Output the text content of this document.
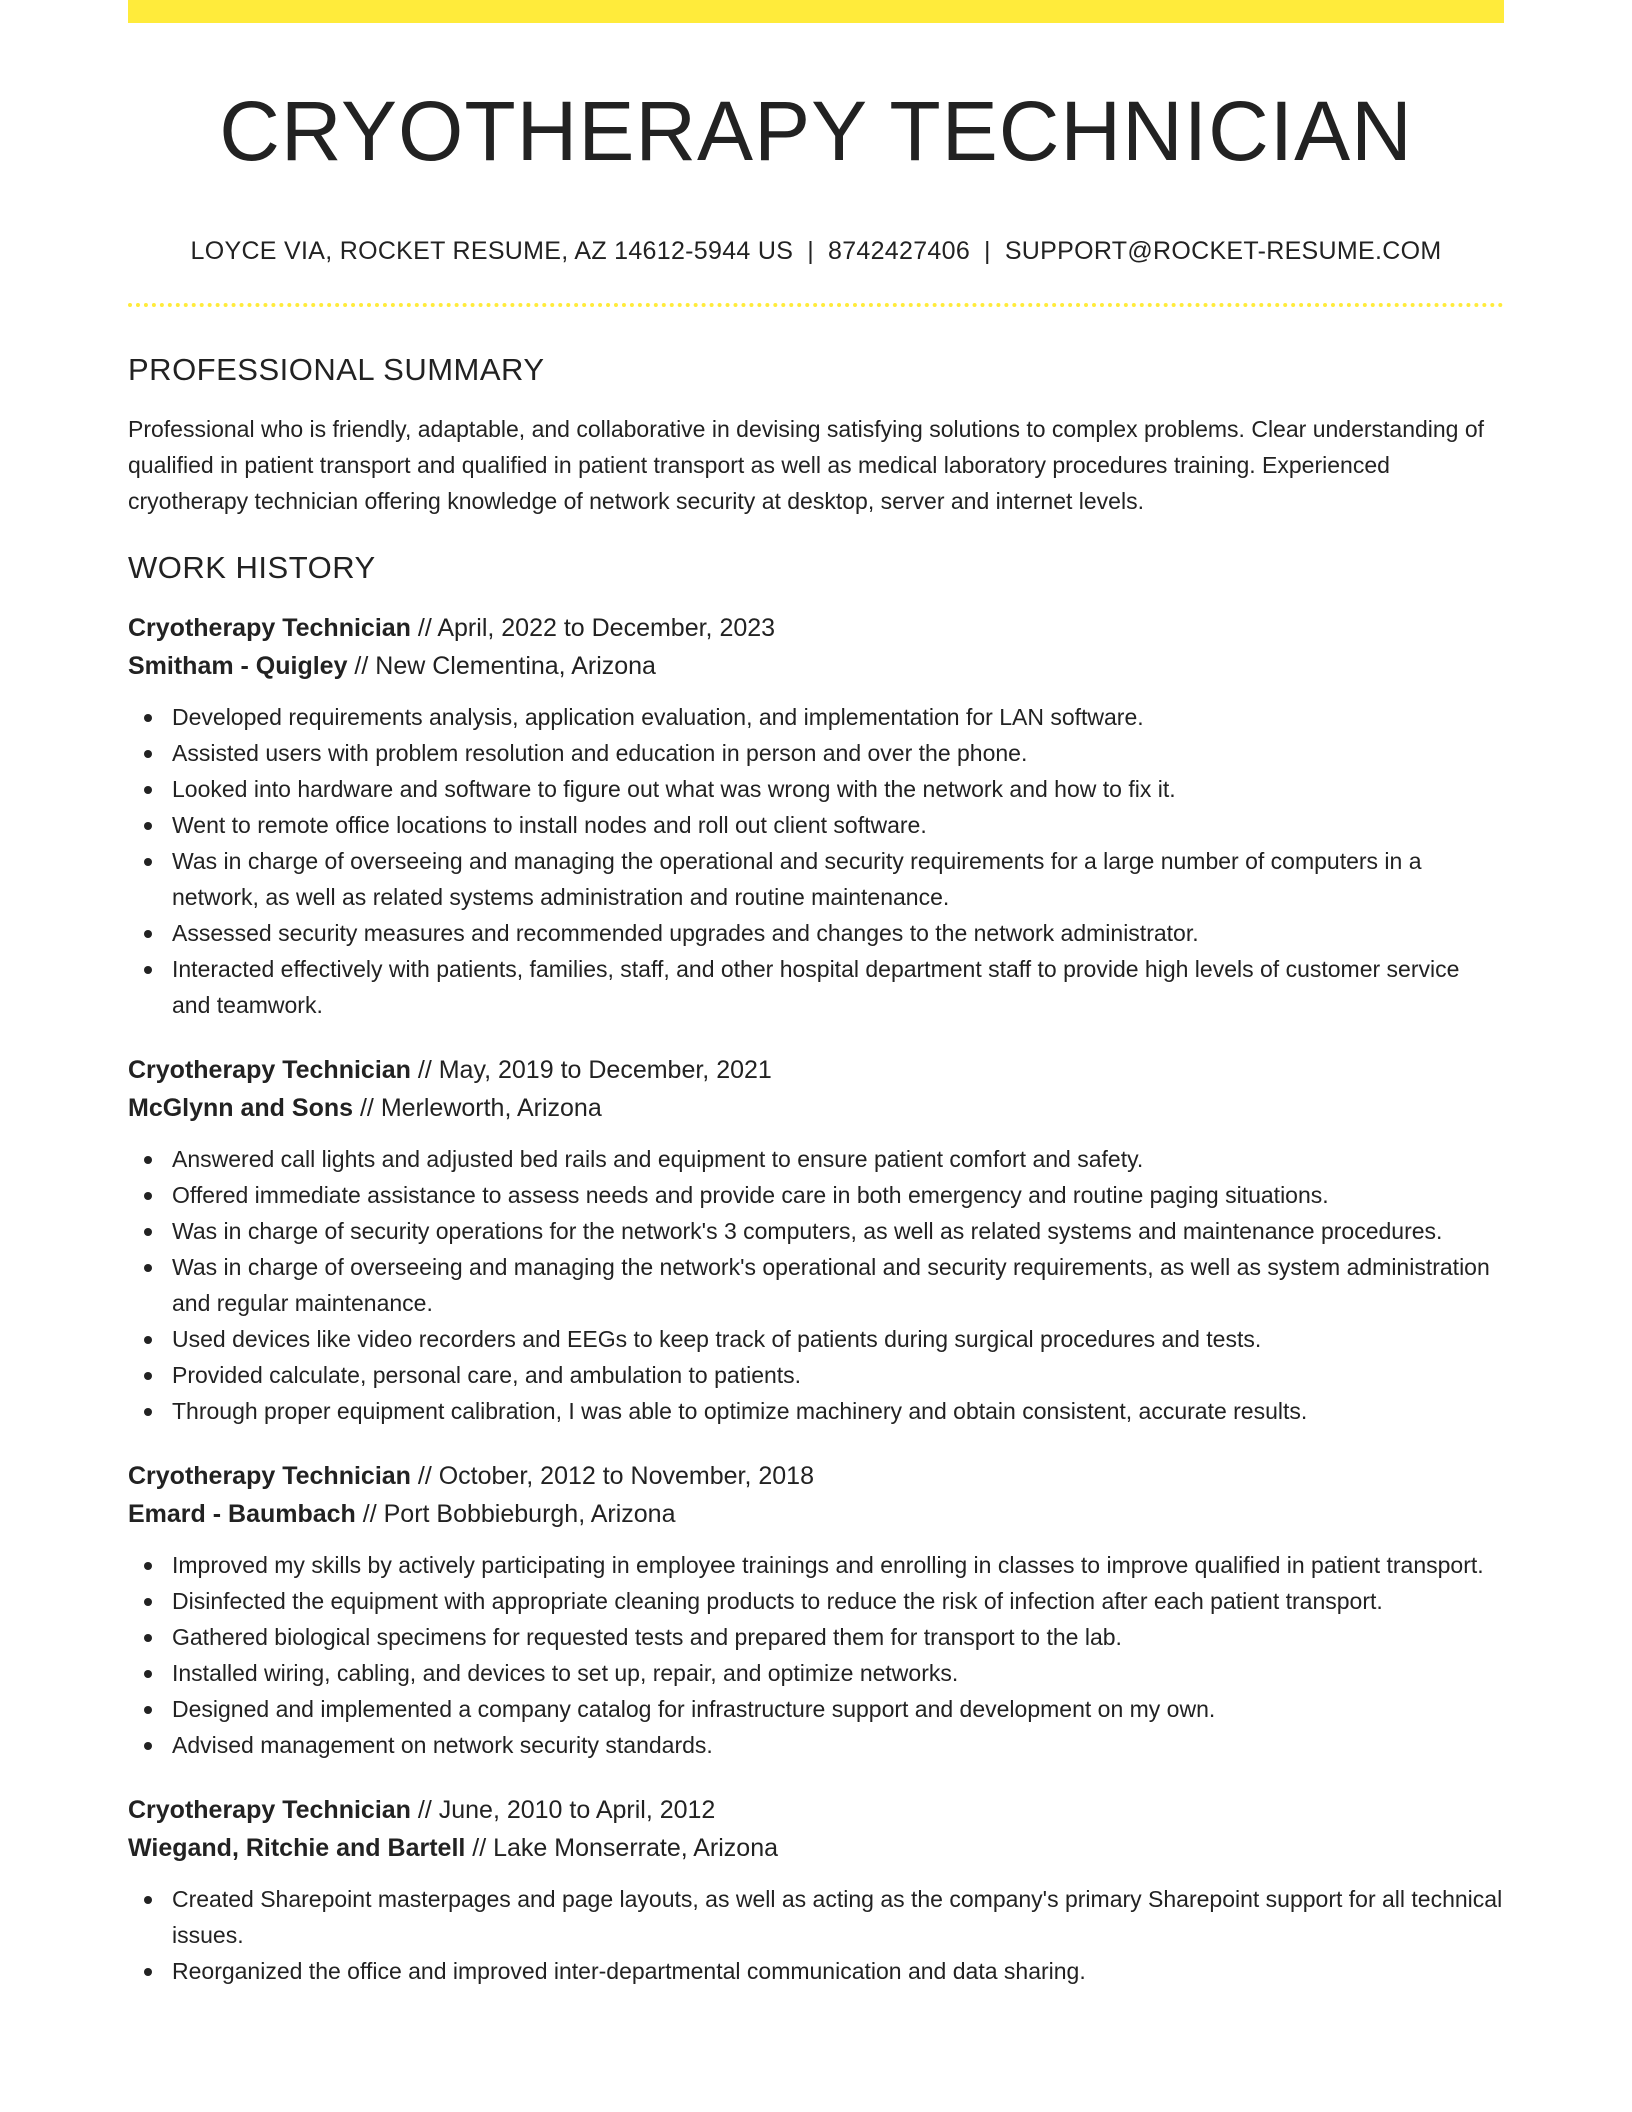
CRYOTHERAPY TECHNICIAN
LOYCE VIA, ROCKET RESUME, AZ 14612-5944 US | 8742427406 | SUPPORT@ROCKET-RESUME.COM
PROFESSIONAL SUMMARY
Professional who is friendly, adaptable, and collaborative in devising satisfying solutions to complex problems. Clear understanding of qualified in patient transport and qualified in patient transport as well as medical laboratory procedures training. Experienced cryotherapy technician offering knowledge of network security at desktop, server and internet levels.
WORK HISTORY
Cryotherapy Technician // April, 2022 to December, 2023
Smitham - Quigley // New Clementina, Arizona
Developed requirements analysis, application evaluation, and implementation for LAN software.
Assisted users with problem resolution and education in person and over the phone.
Looked into hardware and software to figure out what was wrong with the network and how to fix it.
Went to remote office locations to install nodes and roll out client software.
Was in charge of overseeing and managing the operational and security requirements for a large number of computers in a network, as well as related systems administration and routine maintenance.
Assessed security measures and recommended upgrades and changes to the network administrator.
Interacted effectively with patients, families, staff, and other hospital department staff to provide high levels of customer service and teamwork.
Cryotherapy Technician // May, 2019 to December, 2021
McGlynn and Sons // Merleworth, Arizona
Answered call lights and adjusted bed rails and equipment to ensure patient comfort and safety.
Offered immediate assistance to assess needs and provide care in both emergency and routine paging situations.
Was in charge of security operations for the network's 3 computers, as well as related systems and maintenance procedures.
Was in charge of overseeing and managing the network's operational and security requirements, as well as system administration and regular maintenance.
Used devices like video recorders and EEGs to keep track of patients during surgical procedures and tests.
Provided calculate, personal care, and ambulation to patients.
Through proper equipment calibration, I was able to optimize machinery and obtain consistent, accurate results.
Cryotherapy Technician // October, 2012 to November, 2018
Emard - Baumbach // Port Bobbieburgh, Arizona
Improved my skills by actively participating in employee trainings and enrolling in classes to improve qualified in patient transport.
Disinfected the equipment with appropriate cleaning products to reduce the risk of infection after each patient transport.
Gathered biological specimens for requested tests and prepared them for transport to the lab.
Installed wiring, cabling, and devices to set up, repair, and optimize networks.
Designed and implemented a company catalog for infrastructure support and development on my own.
Advised management on network security standards.
Cryotherapy Technician // June, 2010 to April, 2012
Wiegand, Ritchie and Bartell // Lake Monserrate, Arizona
Created Sharepoint masterpages and page layouts, as well as acting as the company's primary Sharepoint support for all technical issues.
Reorganized the office and improved inter-departmental communication and data sharing.
